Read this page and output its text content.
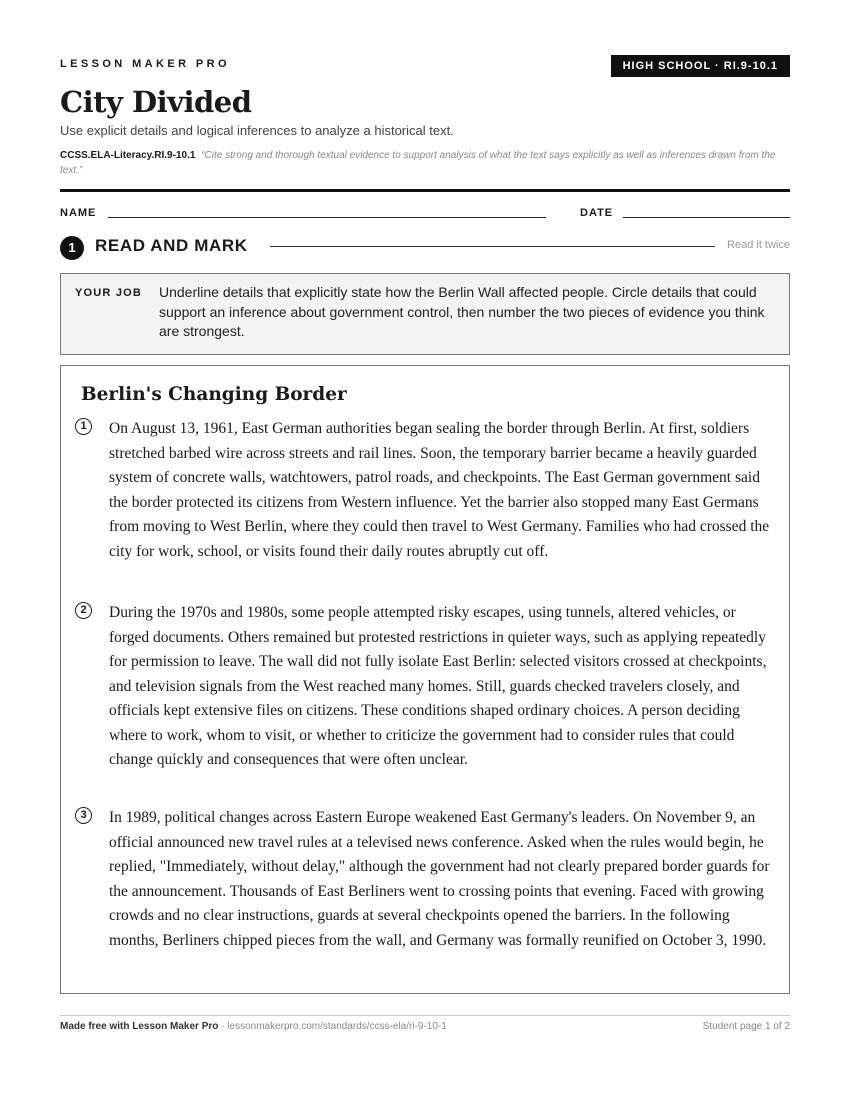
LESSON MAKER PRO	HIGH SCHOOL · RI.9-10.1
City Divided
Use explicit details and logical inferences to analyze a historical text.
CCSS.ELA-Literacy.RI.9-10.1 “Cite strong and thorough textual evidence to support analysis of what the text says explicitly as well as inferences drawn from the text.”
NAME	DATE
1	READ AND MARK	Read it twice
YOUR JOB Underline details that explicitly state how the Berlin Wall affected people. Circle details that could support an inference about government control, then number the two pieces of evidence you think are strongest.
Berlin's Changing Border
1	On August 13, 1961, East German authorities began sealing the border through Berlin. At first, soldiers stretched barbed wire across streets and rail lines. Soon, the temporary barrier became a heavily guarded system of concrete walls, watchtowers, patrol roads, and checkpoints. The East German government said the border protected its citizens from Western influence. Yet the barrier also stopped many East Germans from moving to West Berlin, where they could then travel to West Germany. Families who had crossed the city for work, school, or visits found their daily routes abruptly cut off.

2	During the 1970s and 1980s, some people attempted risky escapes, using tunnels, altered vehicles, or forged documents. Others remained but protested restrictions in quieter ways, such as applying repeatedly for permission to leave. The wall did not fully isolate East Berlin: selected visitors crossed at checkpoints, and television signals from the West reached many homes. Still, guards checked travelers closely, and officials kept extensive files on citizens. These conditions shaped ordinary choices. A person deciding where to work, whom to visit, or whether to criticize the government had to consider rules that could change quickly and consequences that were often unclear.

3	In 1989, political changes across Eastern Europe weakened East Germany's leaders. On November 9, an official announced new travel rules at a televised news conference. Asked when the rules would begin, he replied, "Immediately, without delay," although the government had not clearly prepared border guards for the announcement. Thousands of East Berliners went to crossing points that evening. Faced with growing crowds and no clear instructions, guards at several checkpoints opened the barriers. In the following months, Berliners chipped pieces from the wall, and Germany was formally reunified on October 3, 1990.

Made free with Lesson Maker Pro · lessonmakerpro.com/standards/ccss-ela/ri-9-10-1	Student page 1 of 2
